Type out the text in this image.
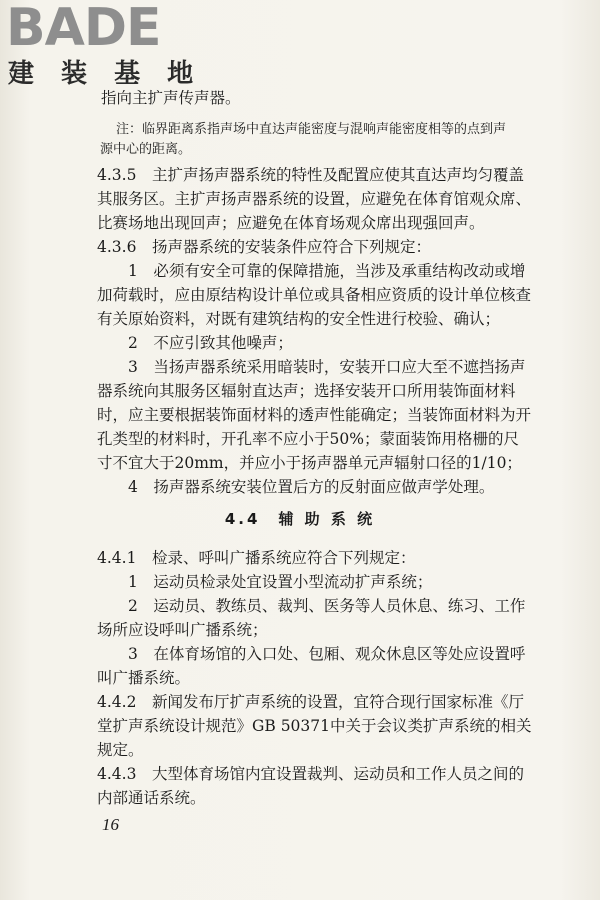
BADE
建 装 基 地
指向主扩声传声器。
注：临界距离系指声场中直达声能密度与混响声能密度相等的点到声
源中心的距离。
4.3.5　主扩声扬声器系统的特性及配置应使其直达声均匀覆盖
其服务区。主扩声扬声器系统的设置，应避免在体育馆观众席、
比赛场地出现回声；应避免在体育场观众席出现强回声。
4.3.6　扬声器系统的安装条件应符合下列规定：
1　必须有安全可靠的保障措施，当涉及承重结构改动或增
加荷载时，应由原结构设计单位或具备相应资质的设计单位核查
有关原始资料，对既有建筑结构的安全性进行校验、确认；
2　不应引致其他噪声；
3　当扬声器系统采用暗装时，安装开口应大至不遮挡扬声
器系统向其服务区辐射直达声；选择安装开口所用装饰面材料
时，应主要根据装饰面材料的透声性能确定；当装饰面材料为开
孔类型的材料时，开孔率不应小于50%；蒙面装饰用格栅的尺
寸不宜大于20mm，并应小于扬声器单元声辐射口径的1/10；
4　扬声器系统安装位置后方的反射面应做声学处理。
4.4　辅 助 系 统
4.4.1　检录、呼叫广播系统应符合下列规定：
1　运动员检录处宜设置小型流动扩声系统；
2　运动员、教练员、裁判、医务等人员休息、练习、工作
场所应设呼叫广播系统；
3　在体育场馆的入口处、包厢、观众休息区等处应设置呼
叫广播系统。
4.4.2　新闻发布厅扩声系统的设置，宜符合现行国家标准《厅
堂扩声系统设计规范》GB 50371中关于会议类扩声系统的相关
规定。
4.4.3　大型体育场馆内宜设置裁判、运动员和工作人员之间的
内部通话系统。
16
